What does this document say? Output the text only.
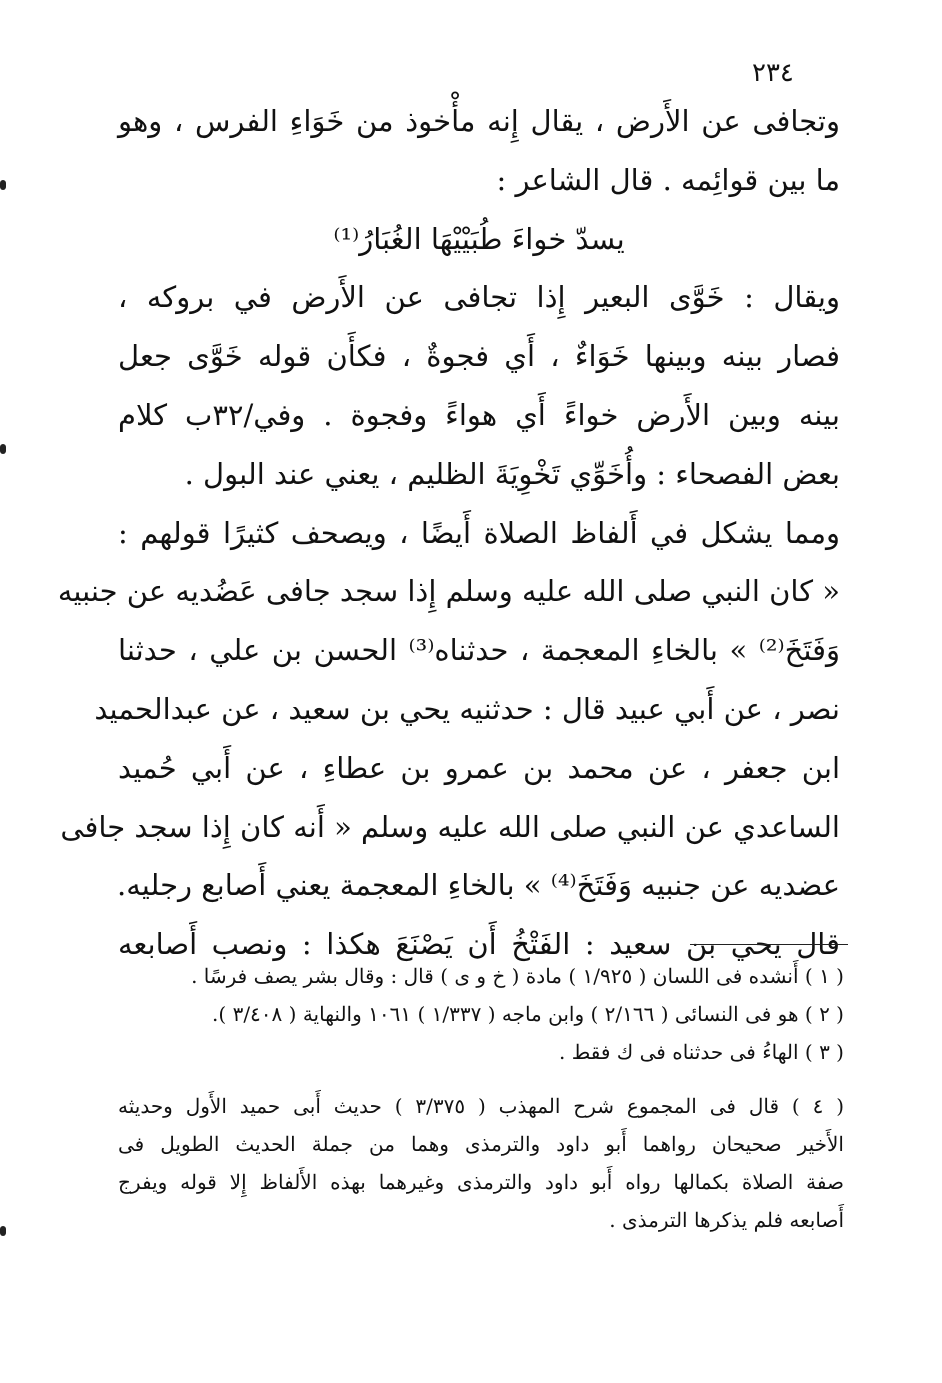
٢٣٤
وتجافى عن الأَرض ، يقال إِنه مأْخوذ من خَوَاءِ الفرس ، وهو
ما بين قوائِمه . قال الشاعر :
يسدّ خواءَ طُبَيْيْهَا الغُبَارُ⁽¹⁾
ويقال : خَوَّى البعير إِذا تجافى عن الأَرض في بروكه ،
فصار بينه وبينها خَوَاءٌ ، أَي فجوةٌ ، فكأَن قوله خَوَّى جعل
بينه وبين الأَرض خواءً أَي هواءً وفجوة . وفي/٣٢ب كلام
بعض الفصحاء : وأُخَوِّي تَخْوِيَةَ الظليم ، يعني عند البول .
ومما يشكل في أَلفاظ الصلاة أَيضًا ، ويصحف كثيرًا قولهم :
« كان النبي صلى الله عليه وسلم إِذا سجد جافى عَضُديه عن جنبيه
وَفَتَخَ⁽²⁾ » بالخاءِ المعجمة ، حدثناه⁽³⁾ الحسن بن علي ، حدثنا
نصر ، عن أَبي عبيد قال : حدثنيه يحي بن سعيد ، عن عبدالحميد
ابن جعفر ، عن محمد بن عمرو بن عطاءِ ، عن أَبي حُميد
الساعدي عن النبي صلى الله عليه وسلم « أَنه كان إِذا سجد جافى
عضديه عن جنبيه وَفَتَخَ⁽⁴⁾ » بالخاءِ المعجمة يعني أَصابع رجليه.
قال يحي بن سعيد : الفَتْخُ أَن يَصْنَعَ هكذا : ونصب أَصابعه
( ١ ) أَنشده فى اللسان ( ١/٩٢٥ ) مادة ( خ و ى ) قال : وقال بشر يصف فرسًا .
( ٢ ) هو فى النسائى ( ٢/١٦٦ ) وابن ماجه ( ١/٣٣٧ ) ١٠٦١ والنهاية ( ٣/٤٠٨ ).
( ٣ ) الهاءُ فى حدثناه فى ك فقط .
( ٤ ) قال فى المجموع شرح المهذب ( ٣/٣٧٥ ) حديث أَبى حميد الأَول وحديثه
الأَخير صحيحان رواهما أَبو داود والترمذى وهما من جملة الحديث الطويل فى
صفة الصلاة بكمالها رواه أَبو داود والترمذى وغيرهما بهذه الأَلفاظ إِلا قوله ويفرج
أَصابعه فلم يذكرها الترمذى .
